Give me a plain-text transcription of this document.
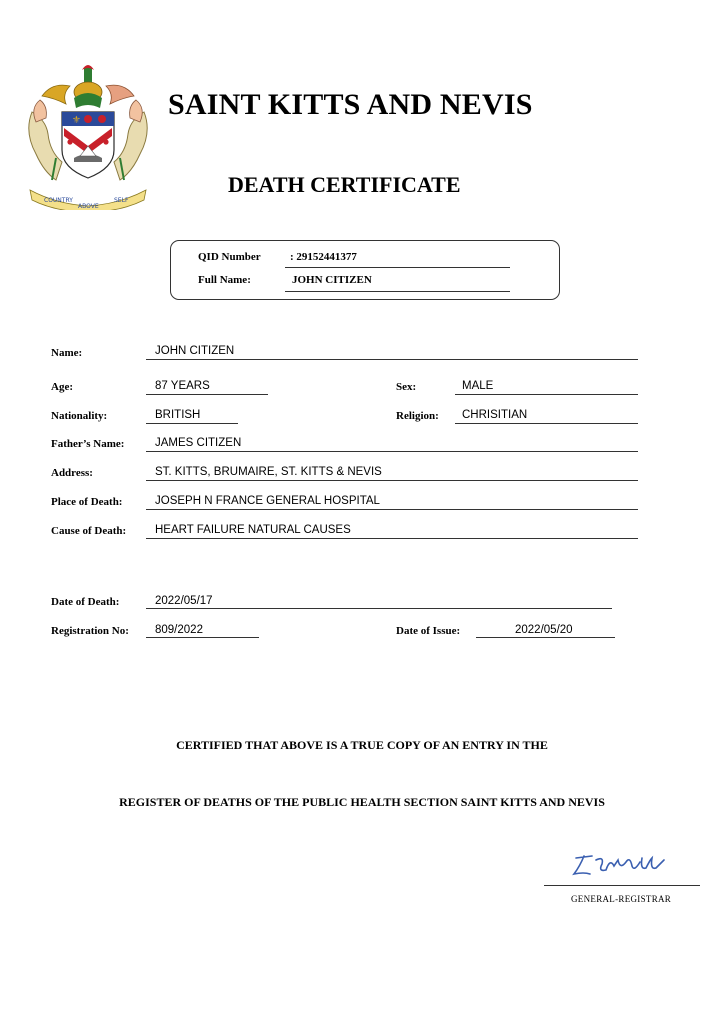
⚜
COUNTRY
ABOVE
SELF
SAINT KITTS AND NEVIS
DEATH CERTIFICATE
QID Number	: 29152441377
Full Name:	JOHN CITIZEN
Name:	JOHN CITIZEN
Age:	87 YEARS	Sex:	MALE
Nationality:	BRITISH	Religion: CHRISITIAN
Father’s Name:	JAMES CITIZEN
Address:	ST. KITTS, BRUMAIRE, ST. KITTS & NEVIS
Place of Death:	JOSEPH N FRANCE GENERAL HOSPITAL
Cause of Death:	HEART FAILURE NATURAL CAUSES
Date of Death:	2022/05/17
Registration No: 809/2022	Date of Issue:	2022/05/20
CERTIFIED THAT ABOVE IS A TRUE COPY OF AN ENTRY IN THE
REGISTER OF DEATHS OF THE PUBLIC HEALTH SECTION SAINT KITTS AND NEVIS
GENERAL-REGISTRAR
